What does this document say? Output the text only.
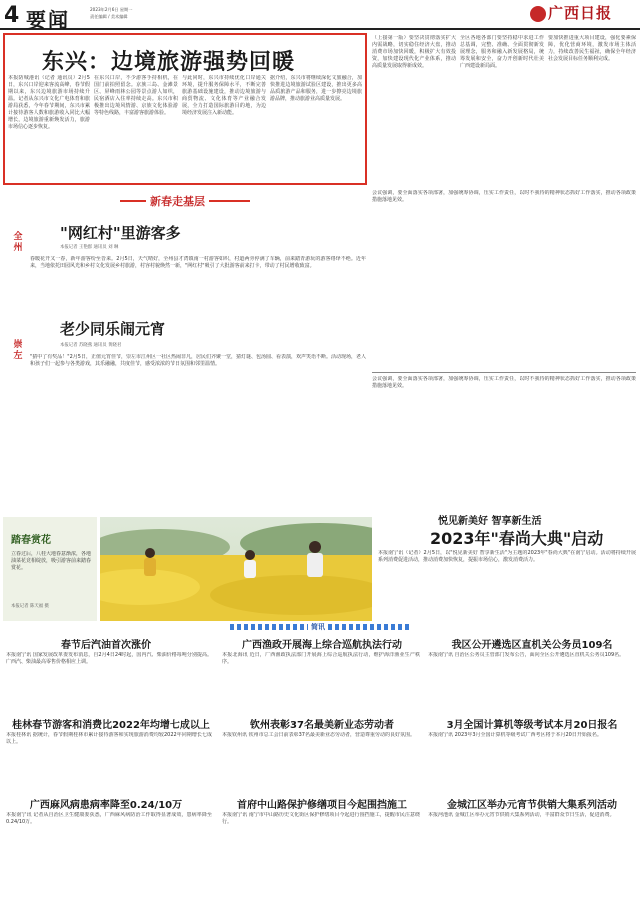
4 要闻	2023年2月6日 星期一
责任编辑 / 美术编辑	广西日报
东兴：边境旅游强势回暖
本报防城港讯（记者 通讯员）2月5日，东兴口岸迎来客流高峰，春节假期以来，东兴边境旅游市场持续升温。记者从东兴市文化广电体育和旅游局获悉，今年春节期间，东兴市累计接待游客人数和旅游收入同比大幅增长，边境旅游重新焕发活力，旅游市场信心逐步恢复。
在东兴口岸，不少游客手持相机，在国门前拍照留念。京族三岛、金滩景区、屏峰雨林公园等景点游人如织，民宿酒店入住率持续走高。东兴市积极推出边境风情游、京族文化体验游等特色线路，丰富游客旅游体验。
与此同时，东兴市持续优化口岸通关环境，提升服务保障水平，不断完善旅游基础设施建设，推动边境旅游与商贸物流、文化体育等产业融合发展，全力打造国际旅游目的地，为边境经济发展注入新动能。
据介绍，东兴市将继续深化文旅融合，加快推进边境旅游试验区建设，推出更多高品质旅游产品和服务，进一步擦亮边境旅游品牌，推动旅游业高质量发展。
新春走基层
全州
"网红村"里游客多
本报记者 王艳群 通讯员 刘 琳
春暖花开又一春，新年游客纷至沓来。2月5日，天气晴好，全州县才湾镇南一村游客如织，村道两旁停满了车辆，前来踏青游玩的游客络绎不绝。近年来，当地依托田园风光和乡村文化发展乡村旅游，村容村貌焕然一新，"网红村"吸引了大批游客前来打卡，带动了村民增收致富。
崇左
老少同乐闹元宵
本报记者 苏晓燕 通讯员 黄晓君
"猜中了有奖品！"2月5日，正值元宵佳节，崇左市江州区一社区热闹非凡，居民们齐聚一堂，猜灯谜、包汤圆、看表演，欢声笑语不断。活动现场，老人和孩子们一起参与各类游戏，其乐融融，共度佳节，感受浓浓的节日氛围和邻里温情。
踏春赏花
立春过后，八桂大地春意渐浓，各地油菜花竞相绽放，吸引游客前来踏春赏花。
本报记者 陈天福 摄
（上接第一版）要坚决贯彻落实扩大内需战略，切实稳住经济大盘，推动消费市场加快回暖，积极扩大有效投资，加快建设现代化产业体系，推动高质量发展取得新成效。
全区各地各部门要坚持稳中求进工作总基调，完整、准确、全面贯彻新发展理念，服务和融入新发展格局，统筹发展和安全，奋力开创新时代壮美广西建设新局面。
要加快推进重大项目建设，强化要素保障，优化营商环境，激发市场主体活力，持续改善民生福祉，确保全年经济社会发展目标任务顺利完成。
会议强调，要全面落实各项部署，加强统筹协调，压实工作责任，以时不我待的精神状态抓好工作落实，推动各项政策措施落地见效。
会议强调，要全面落实各项部署，加强统筹协调，压实工作责任，以时不我待的精神状态抓好工作落实，推动各项政策措施落地见效。
悦见新美好 智享新生活
2023年"春尚大典"启动
本报南宁讯（记者）2月5日，以"悦见新美好 智享新生活"为主题的2023年"春尚大典"在南宁启动。活动将持续开展系列消费促进活动，推动消费加快恢复，提振市场信心，激发消费活力。
简讯
春节后汽油首次涨价
本报南宁讯 国家发展改革委发布消息，自2月4日24时起，国内汽、柴油价格每吨分别提高。广西汽、柴油最高零售价格相应上调。
桂林春节游客和消费比2022年均增七成以上
本报桂林讯 据统计，春节假期桂林市累计接待游客和实现旅游消费均较2022年同期增长七成以上。
广西麻风病患病率降至0.24/10万
本报南宁讯 记者从自治区卫生健康委获悉，广西麻风病防治工作取得显著成效，患病率降至0.24/10万。
广西渔政开展海上综合巡航执法行动
本报北海讯 近日，广西渔政执法部门开展海上综合巡航执法行动，维护海洋渔业生产秩序。
钦州表彰37名最美新业态劳动者
本报钦州讯 钦州市总工会日前表彰37名最美新业态劳动者，营造尊重劳动的良好氛围。
首府中山路保护修缮项目今起围挡施工
本报南宁讯 南宁市中山路历史文化街区保护修缮项目今起进行围挡施工，提醒市民注意绕行。
我区公开遴选区直机关公务员109名
本报南宁讯 自治区公务员主管部门发布公告，面向全区公开遴选区直机关公务员109名。
3月全国计算机等级考试本月20日报名
本报南宁讯 2023年3月全国计算机等级考试广西考区将于本月20日开始报名。
金城江区举办元宵节供销大集系列活动
本报河池讯 金城江区举办元宵节供销大集系列活动，丰富群众节日生活，促进消费。
